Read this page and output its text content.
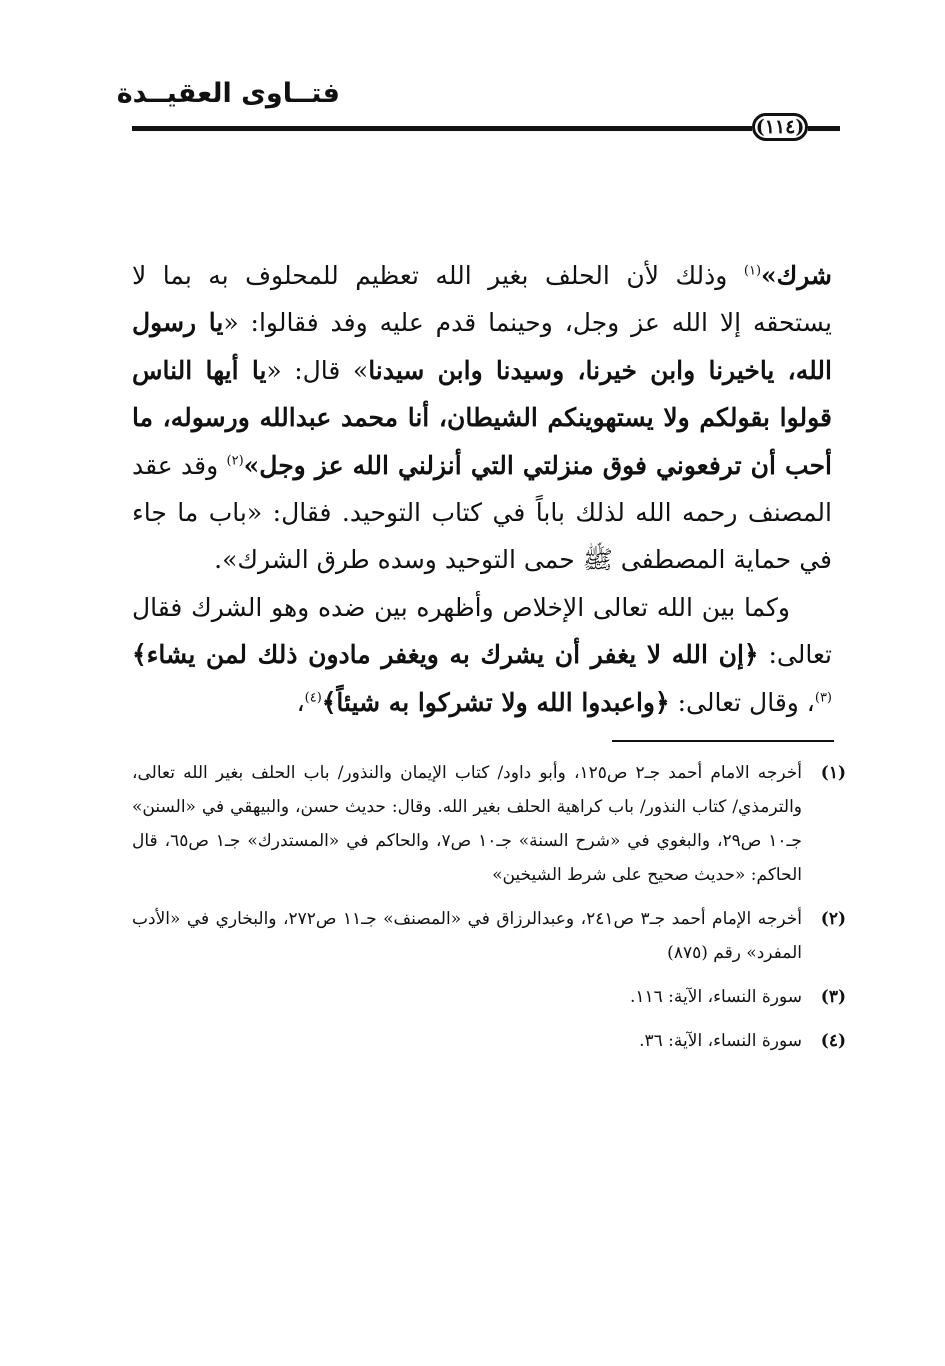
فتــاوى العقيــدة
(١١٤)

شرك»$^{(١)}$ وذلك لأن الحلف بغير الله تعظيم للمحلوف به بما لا يستحقه إلا الله عز وجل، وحينما قدم عليه وفد فقالوا: «يا رسول الله، ياخيرنا وابن خيرنا، وسيدنا وابن سيدنا» قال: «يا أيها الناس قولوا بقولكم ولا يستهوينكم الشيطان، أنا محمد عبدالله ورسوله، ما أحب أن ترفعوني فوق منزلتي التي أنزلني الله عز وجل»$^{(٢)}$ وقد عقد المصنف رحمه الله لذلك باباً في كتاب التوحيد. فقال: «باب ما جاء في حماية المصطفى ﷺ حمى التوحيد وسده طرق الشرك».

وكما بين الله تعالى الإخلاص وأظهره بين ضده وهو الشرك فقال تعالى: ﴿إن الله لا يغفر أن يشرك به ويغفر مادون ذلك لمن يشاء﴾$^{(٣)}$، وقال تعالى: ﴿واعبدوا الله ولا تشركوا به شيئاً﴾$^{(٤)}$،

(١)
أخرجه الامام أحمد جـ٢ ص١٢٥، وأبو داود/ كتاب الإيمان والنذور/ باب الحلف بغير الله تعالى، والترمذي/ كتاب النذور/ باب كراهية الحلف بغير الله. وقال: حديث حسن، والبيهقي في «السنن» جـ١٠ ص٢٩، والبغوي في «شرح السنة» جـ١٠ ص٧، والحاكم في «المستدرك» جـ١ ص٦٥، قال الحاكم: «حديث صحيح على شرط الشيخين»
(٢)
أخرجه الإمام أحمد جـ٣ ص٢٤١، وعبدالرزاق في «المصنف» جـ١١ ص٢٧٢، والبخاري في «الأدب المفرد» رقم (٨٧٥)
(٣)
سورة النساء، الآية: ١١٦.
(٤)
سورة النساء، الآية: ٣٦.
